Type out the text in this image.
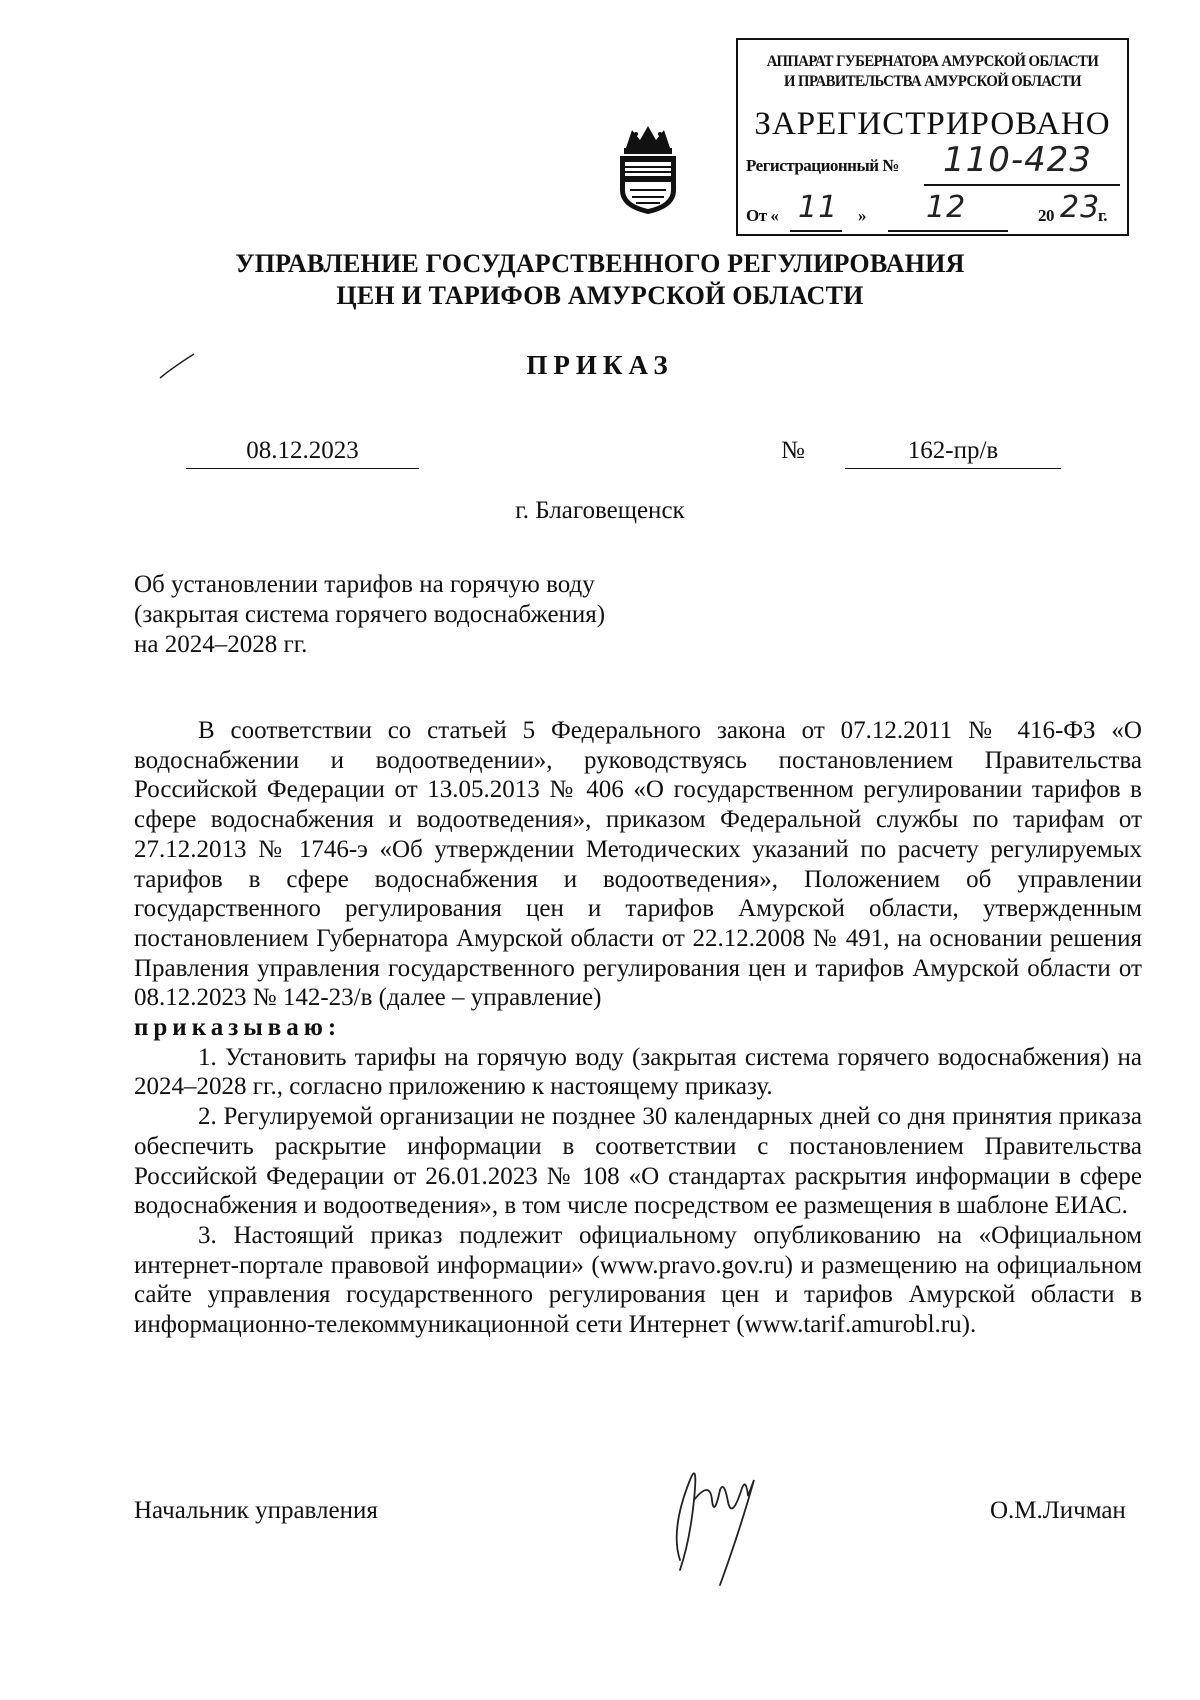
АППАРАТ ГУБЕРНАТОРА АМУРСКОЙ ОБЛАСТИ
И ПРАВИТЕЛЬСТВА АМУРСКОЙ ОБЛАСТИ
ЗАРЕГИСТРИРОВАНО
Регистрационный № 110-423
От « 11 » 12	20 23
г.
УПРАВЛЕНИЕ ГОСУДАРСТВЕННОГО РЕГУЛИРОВАНИЯ
ЦЕН И ТАРИФОВ АМУРСКОЙ ОБЛАСТИ
ПРИКАЗ
08.12.2023	№	162-пр/в
г. Благовещенск
Об установлении тарифов на горячую воду
(закрытая система горячего водоснабжения)
на 2024–2028 гг.

В соответствии со статьей 5 Федерального закона от 07.12.2011 № 416-ФЗ «О водоснабжении и водоотведении», руководствуясь постановлением Правительства Российской Федерации от 13.05.2013 № 406 «О государственном регулировании тарифов в сфере водоснабжения и водоотведения», приказом Федеральной службы по тарифам от 27.12.2013 № 1746-э «Об утверждении Методических указаний по расчету регулируемых тарифов в сфере водоснабжения и водоотведения», Положением об управлении государственного регулирования цен и тарифов Амурской области, утвержденным постановлением Губернатора Амурской области от 22.12.2008 № 491, на основании решения Правления управления государственного регулирования цен и тарифов Амурской области от 08.12.2023 № 142-23/в (далее – управление)

приказываю:

1. Установить тарифы на горячую воду (закрытая система горячего водоснабжения) на 2024–2028 гг., согласно приложению к настоящему приказу.

2. Регулируемой организации не позднее 30 календарных дней со дня принятия приказа обеспечить раскрытие информации в соответствии с постановлением Правительства Российской Федерации от 26.01.2023 № 108 «О стандартах раскрытия информации в сфере водоснабжения и водоотведения», в том числе посредством ее размещения в шаблоне ЕИАС.

3. Настоящий приказ подлежит официальному опубликованию на «Официальном интернет-портале правовой информации» (www.pravo.gov.ru) и размещению на официальном сайте управления государственного регулирования цен и тарифов Амурской области в информационно-телекоммуникационной сети Интернет (www.tarif.amurobl.ru).

Начальник управления	О.М.Личман
